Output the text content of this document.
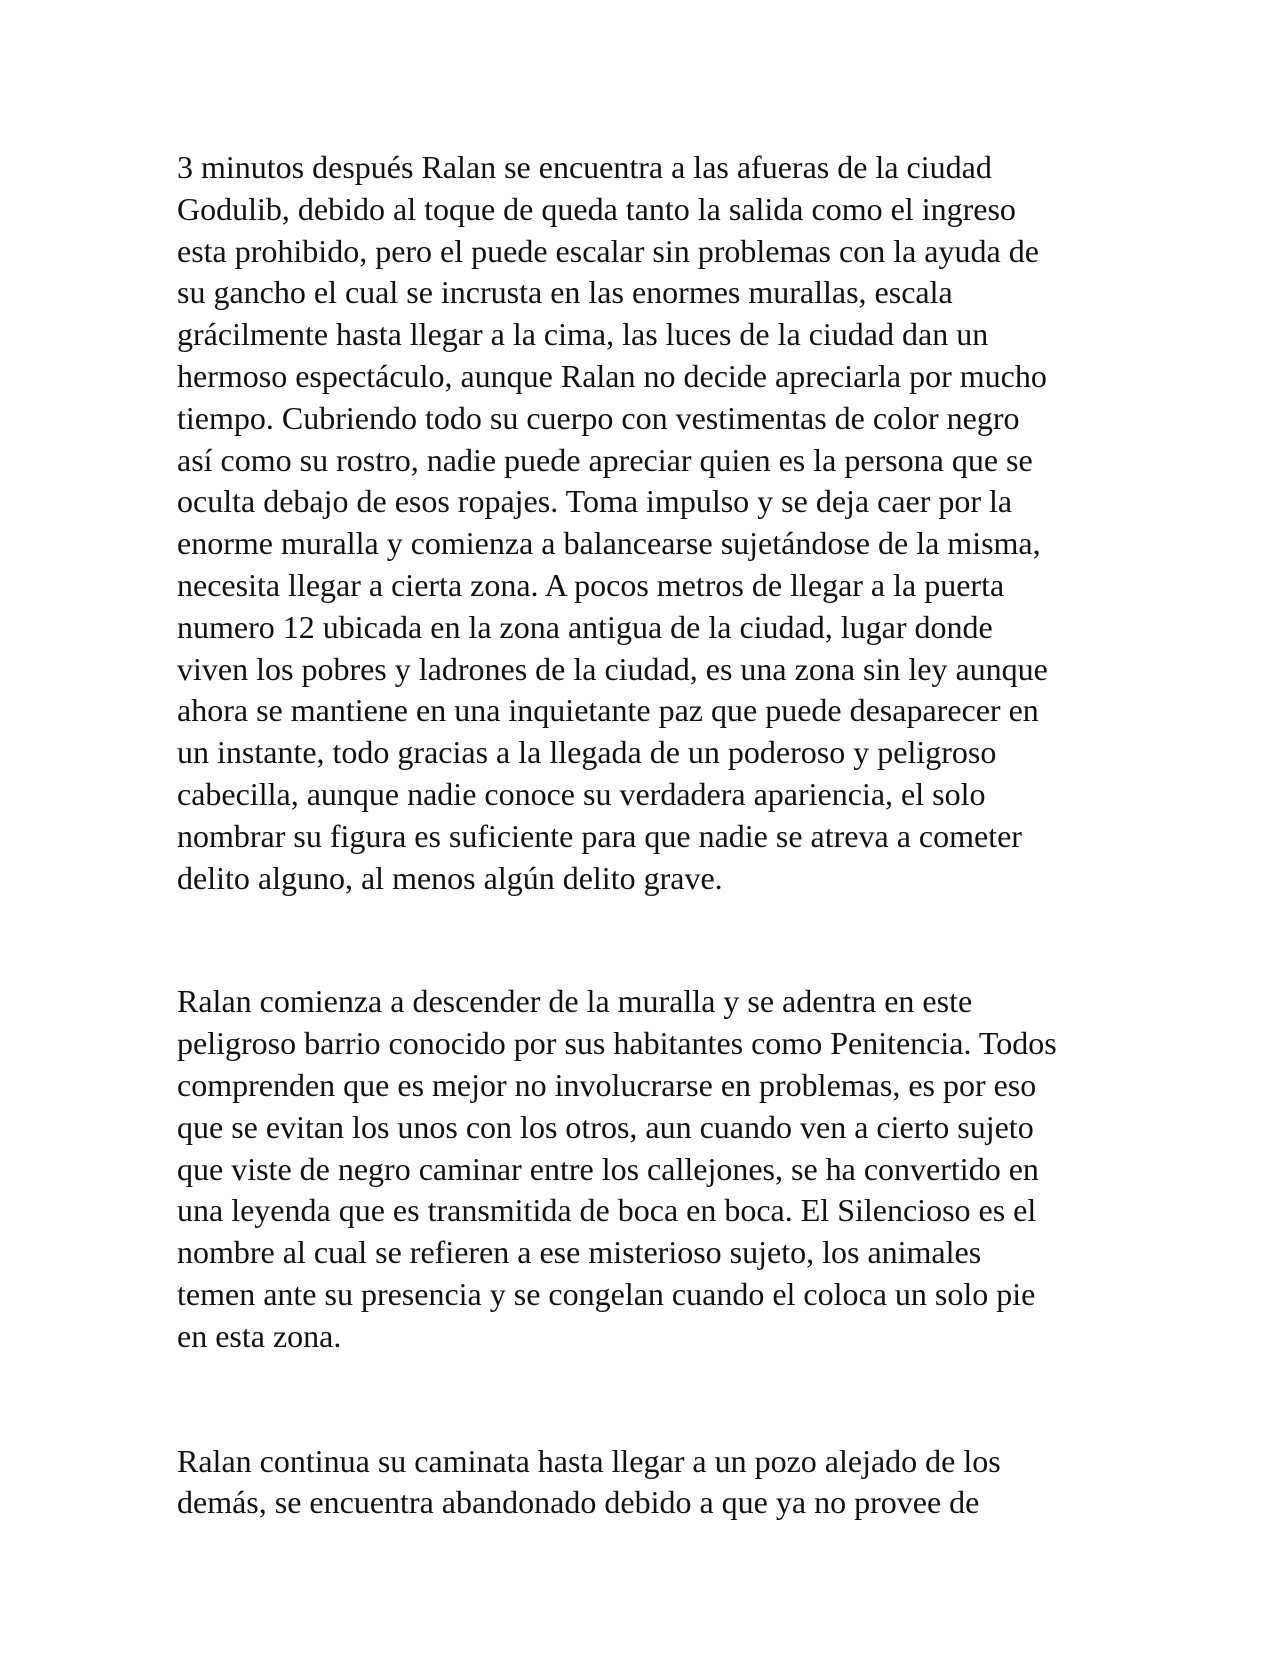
3 minutos después Ralan se encuentra a las afueras de la ciudad
Godulib, debido al toque de queda tanto la salida como el ingreso
esta prohibido, pero el puede escalar sin problemas con la ayuda de
su gancho el cual se incrusta en las enormes murallas, escala
grácilmente hasta llegar a la cima, las luces de la ciudad dan un
hermoso espectáculo, aunque Ralan no decide apreciarla por mucho
tiempo. Cubriendo todo su cuerpo con vestimentas de color negro
así como su rostro, nadie puede apreciar quien es la persona que se
oculta debajo de esos ropajes. Toma impulso y se deja caer por la
enorme muralla y comienza a balancearse sujetándose de la misma,
necesita llegar a cierta zona. A pocos metros de llegar a la puerta
numero 12 ubicada en la zona antigua de la ciudad, lugar donde
viven los pobres y ladrones de la ciudad, es una zona sin ley aunque
ahora se mantiene en una inquietante paz que puede desaparecer en
un instante, todo gracias a la llegada de un poderoso y peligroso
cabecilla, aunque nadie conoce su verdadera apariencia, el solo
nombrar su figura es suficiente para que nadie se atreva a cometer
delito alguno, al menos algún delito grave.

Ralan comienza a descender de la muralla y se adentra en este
peligroso barrio conocido por sus habitantes como Penitencia. Todos
comprenden que es mejor no involucrarse en problemas, es por eso
que se evitan los unos con los otros, aun cuando ven a cierto sujeto
que viste de negro caminar entre los callejones, se ha convertido en
una leyenda que es transmitida de boca en boca. El Silencioso es el
nombre al cual se refieren a ese misterioso sujeto, los animales
temen ante su presencia y se congelan cuando el coloca un solo pie
en esta zona.

Ralan continua su caminata hasta llegar a un pozo alejado de los
demás, se encuentra abandonado debido a que ya no provee de
